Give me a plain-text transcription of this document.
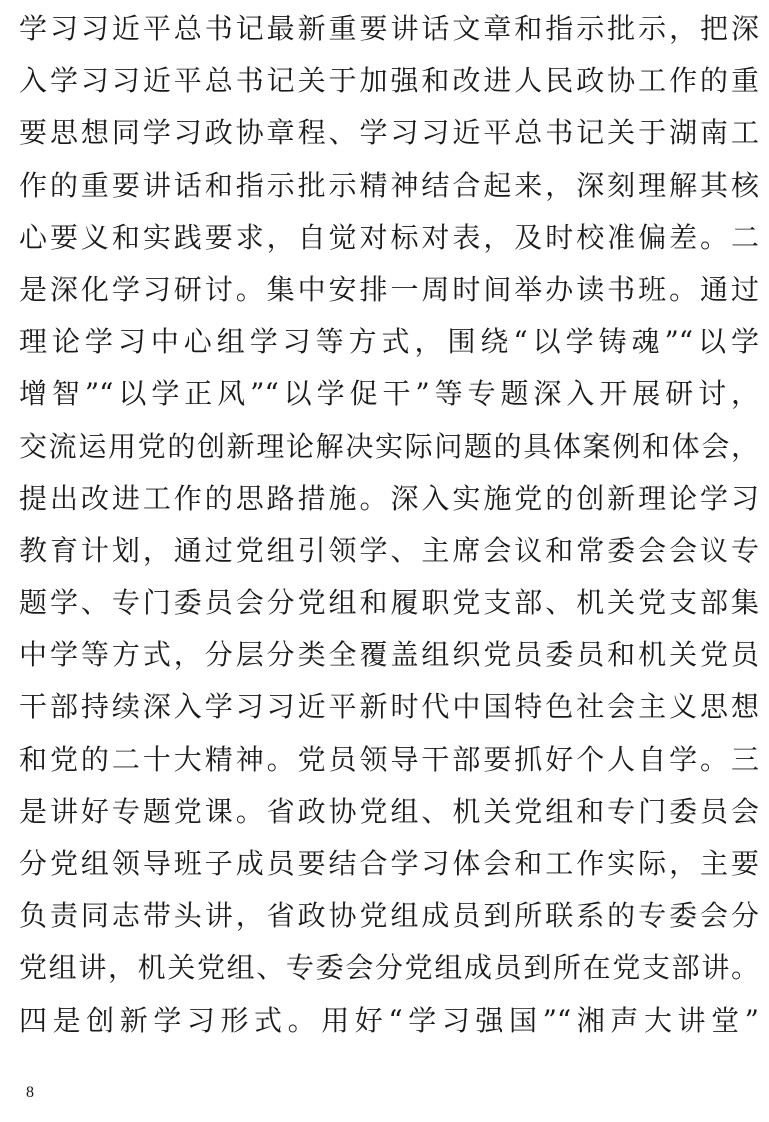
学习习近平总书记最新重要讲话文章和指示批示，把深
入学习习近平总书记关于加强和改进人民政协工作的重
要思想同学习政协章程、学习习近平总书记关于湖南工
作的重要讲话和指示批示精神结合起来，深刻理解其核
心要义和实践要求，自觉对标对表，及时校准偏差。二
是深化学习研讨。集中安排一周时间举办读书班。通过
理论学习中心组学习等方式，围绕“以学铸魂”“以学
增智”“以学正风”“以学促干”等专题深入开展研讨，
交流运用党的创新理论解决实际问题的具体案例和体会，
提出改进工作的思路措施。深入实施党的创新理论学习
教育计划，通过党组引领学、主席会议和常委会会议专
题学、专门委员会分党组和履职党支部、机关党支部集
中学等方式，分层分类全覆盖组织党员委员和机关党员
干部持续深入学习习近平新时代中国特色社会主义思想
和党的二十大精神。党员领导干部要抓好个人自学。三
是讲好专题党课。省政协党组、机关党组和专门委员会
分党组领导班子成员要结合学习体会和工作实际，主要
负责同志带头讲，省政协党组成员到所联系的专委会分
党组讲，机关党组、专委会分党组成员到所在党支部讲。
四是创新学习形式。用好“学习强国”“湘声大讲堂”
8
